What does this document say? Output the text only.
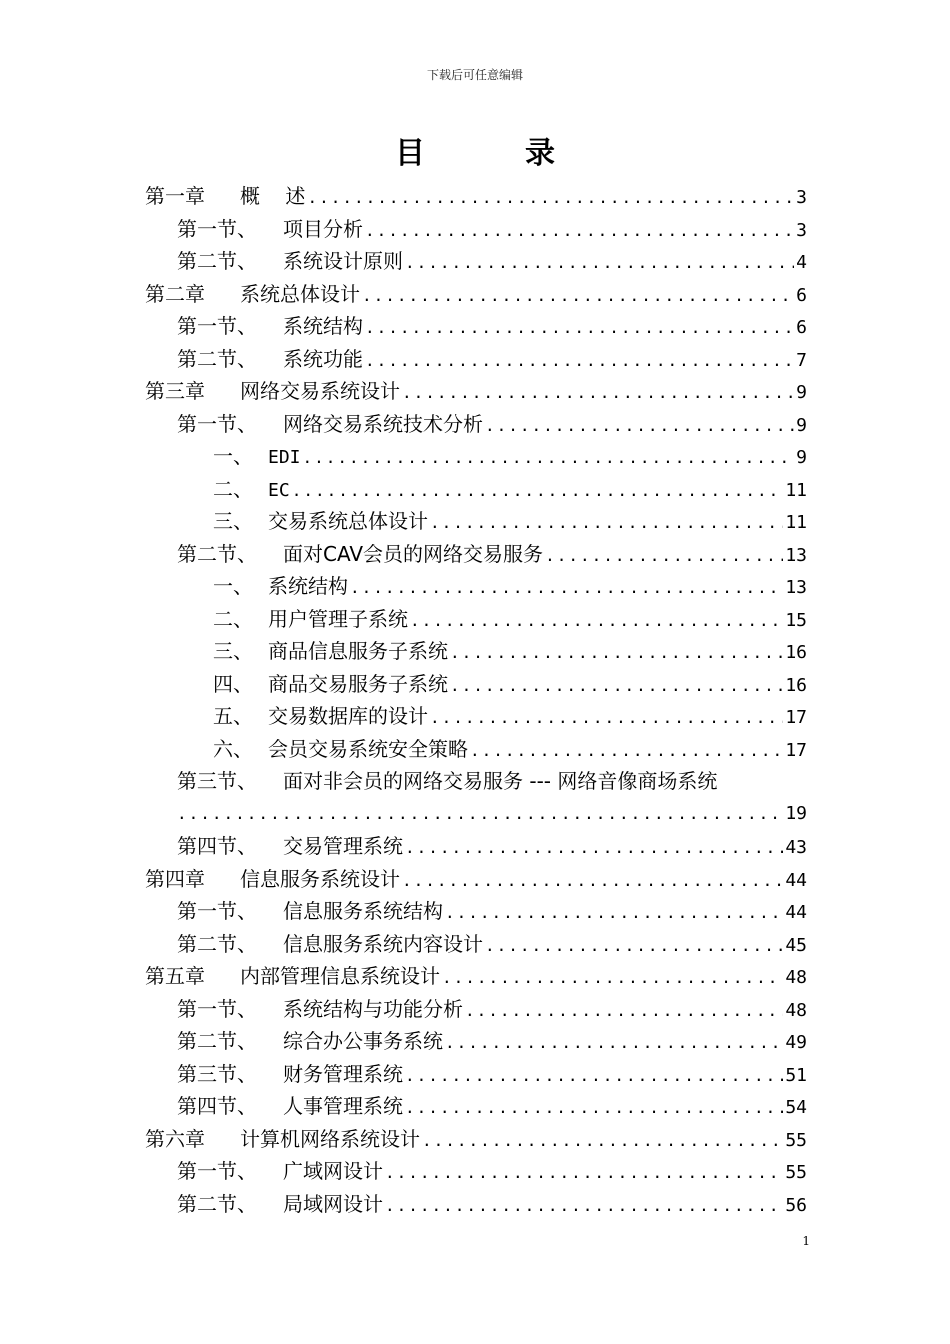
下载后可任意编辑
目	录
第一章 概    述 .....	3
第一节、 项目分析 .....	3
第二节、 系统设计原则 .....	4
第二章 系统总体设计 .....	6
第一节、 系统结构 .....	6
第二节、 系统功能 .....	7
第三章 网络交易系统设计 .....	9
第一节、 网络交易系统技术分析 .....	9
一、 EDI .....	9
二、 EC .....	11
三、 交易系统总体设计 .....	11
第二节、 面对CAV会员的网络交易服务 .....	13
一、 系统结构 .....	13
二、 用户管理子系统 .....	15
三、 商品信息服务子系统 .....	16
四、 商品交易服务子系统 .....	16
五、 交易数据库的设计 .....	17
六、 会员交易系统安全策略 .....	17
第三节、 面对非会员的网络交易服务 --- 网络音像商场系统
.....
19
第四节、 交易管理系统 .....	43
第四章 信息服务系统设计 .....	44
第一节、 信息服务系统结构 .....	44
第二节、 信息服务系统内容设计 .....	45
第五章 内部管理信息系统设计 .....	48
第一节、 系统结构与功能分析 .....	48
第二节、 综合办公事务系统 .....	49
第三节、 财务管理系统 .....	51
第四节、 人事管理系统 .....	54
第六章 计算机网络系统设计 .....	55
第一节、 广域网设计 .....	55
第二节、 局域网设计 .....	56
1
